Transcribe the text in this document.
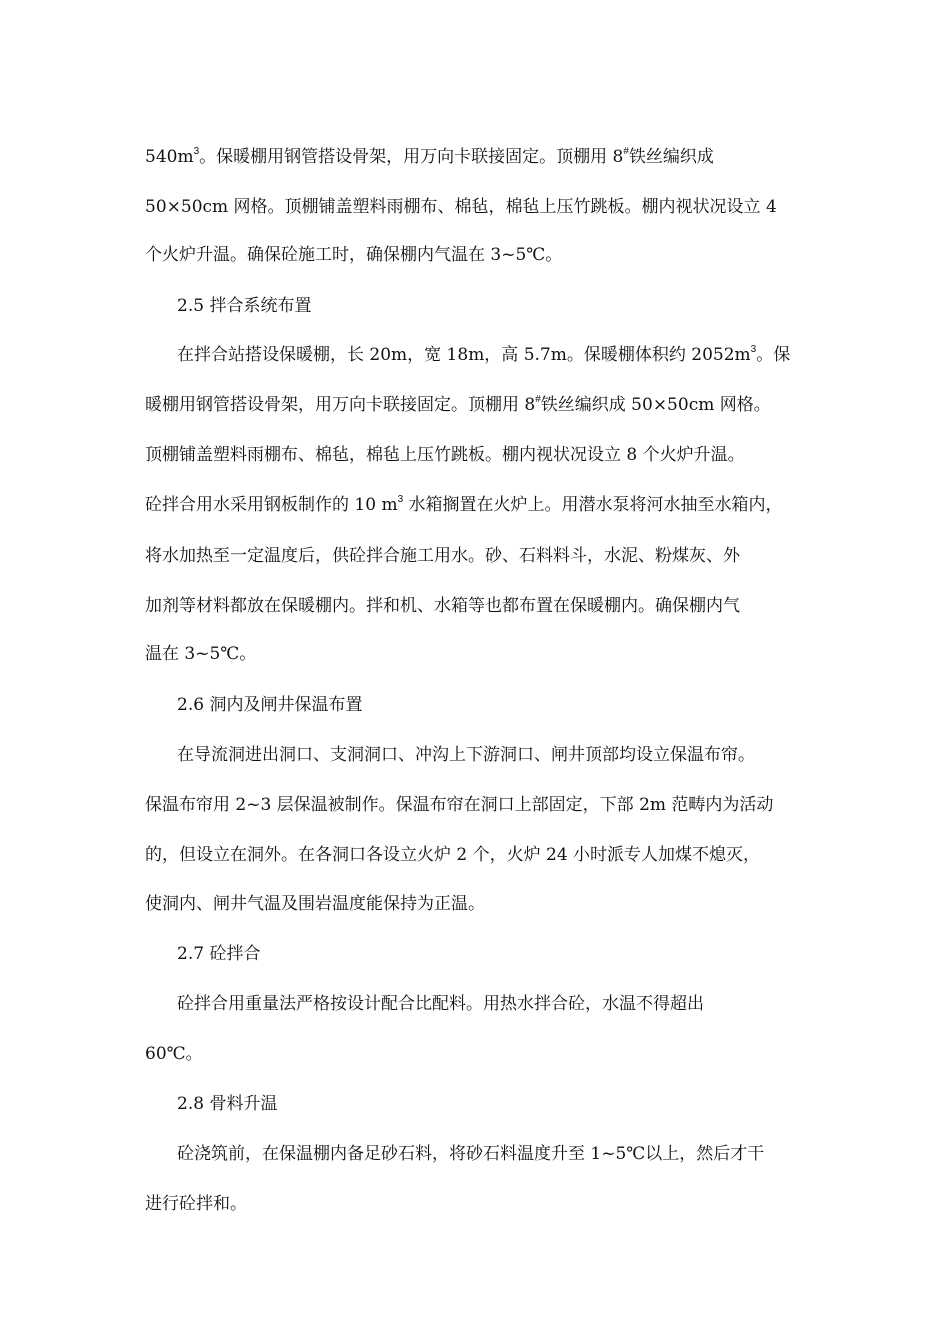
$540m^3$。保暖棚用钢管搭设骨架，用万向卡联接固定。顶棚用 8#铁丝编织成
50×50cm 网格。顶棚铺盖塑料雨棚布、棉毡，棉毡上压竹跳板。棚内视状况设立 4
个火炉升温。确保砼施工时，确保棚内气温在 3~5℃。
2.5 拌合系统布置
在拌合站搭设保暖棚，长 20m，宽 18m，高 5.7m。保暖棚体积约 $2052m^3$。保
暖棚用钢管搭设骨架，用万向卡联接固定。顶棚用 8#铁丝编织成 50×50cm 网格。
顶棚铺盖塑料雨棚布、棉毡，棉毡上压竹跳板。棚内视状况设立 8 个火炉升温。
砼拌合用水采用钢板制作的 10 $m^3$ 水箱搁置在火炉上。用潜水泵将河水抽至水箱内，
将水加热至一定温度后，供砼拌合施工用水。砂、石料料斗，水泥、粉煤灰、外
加剂等材料都放在保暖棚内。拌和机、水箱等也都布置在保暖棚内。确保棚内气
温在 3~5℃。
2.6 洞内及闸井保温布置
在导流洞进出洞口、支洞洞口、冲沟上下游洞口、闸井顶部均设立保温布帘。
保温布帘用 2~3 层保温被制作。保温布帘在洞口上部固定，下部 2m 范畴内为活动
的，但设立在洞外。在各洞口各设立火炉 2 个，火炉 24 小时派专人加煤不熄灭，
使洞内、闸井气温及围岩温度能保持为正温。
2.7 砼拌合
砼拌合用重量法严格按设计配合比配料。用热水拌合砼，水温不得超出
60℃。
2.8 骨料升温
砼浇筑前，在保温棚内备足砂石料，将砂石料温度升至 1~5℃以上，然后才干
进行砼拌和。
